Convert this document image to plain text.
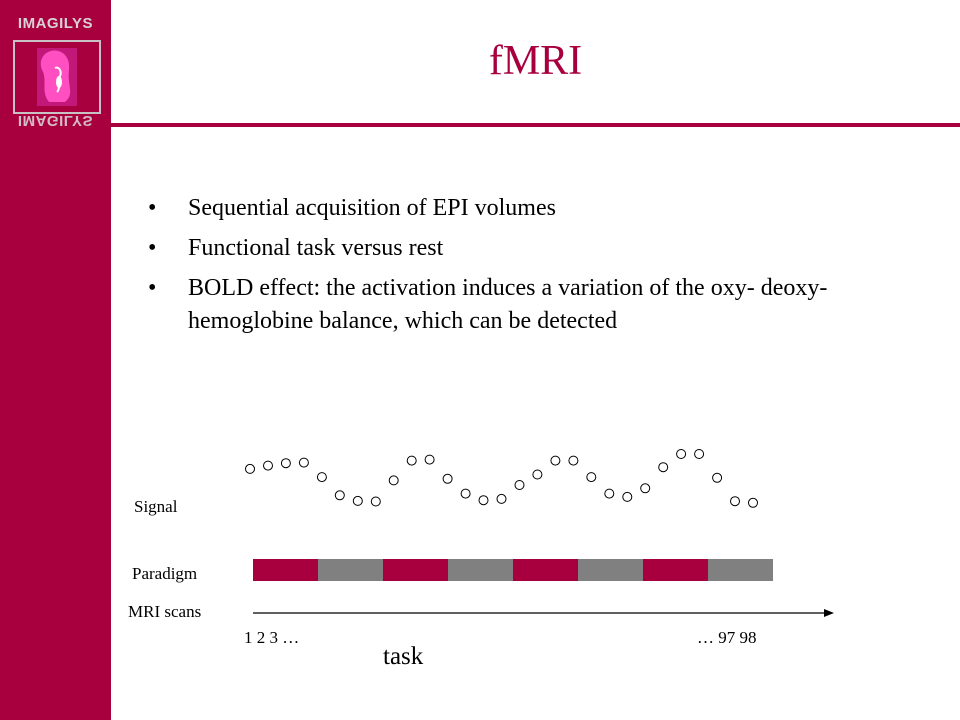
IMAGILYS
IMAGILYS
fMRI
• Sequential acquisition of EPI volumes
• Functional task versus rest
• BOLD effect: the activation induces a variation of the oxy- deoxy-hemoglobine balance, which can be detected
Signal
Paradigm
MRI scans
1 2 3 …	… 97 98
task
